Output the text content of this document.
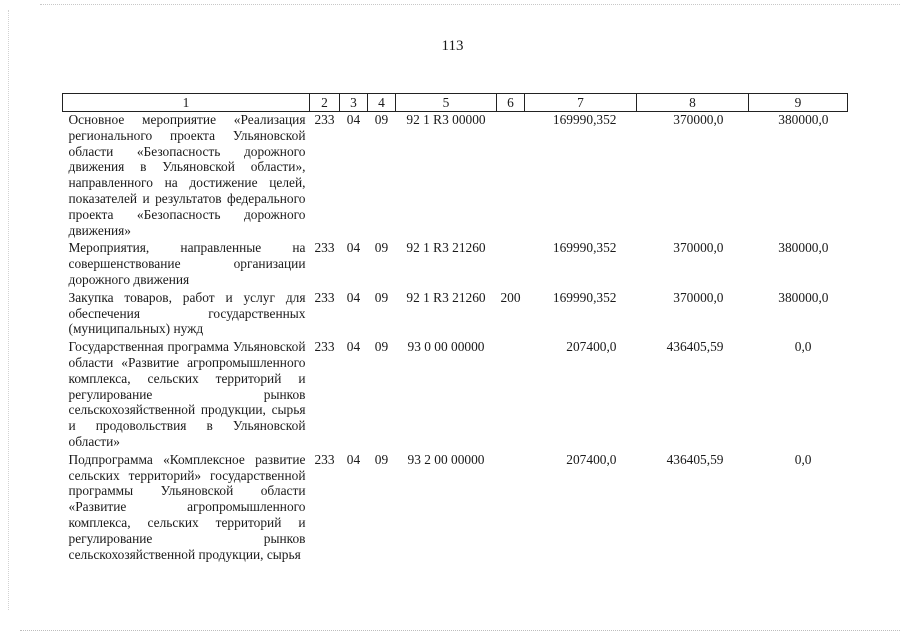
113
1	2	3	4	5	6	7	8	9
Основное мероприятие «Реализация регионального проекта Ульяновской области «Безопасность дорожного движения в Ульяновской области», направленного на достижение целей, показателей и результатов федерального проекта «Безопасность дорожного движения»	233	04	09	92 1 R3 00000		169990,352	370000,0	380000,0
Мероприятия, направленные на совершенствование организации дорожного движения	233	04	09	92 1 R3 21260		169990,352	370000,0	380000,0
Закупка товаров, работ и услуг для обеспечения государственных (муниципальных) нужд	233	04	09	92 1 R3 21260	200	169990,352	370000,0	380000,0
Государственная программа Ульяновской области «Развитие агропромышленного комплекса, сельских территорий и регулирование рынков сельскохозяйственной продукции, сырья и продовольствия в Ульяновской области»	233	04	09	93 0 00 00000		207400,0	436405,59	0,0
Подпрограмма «Комплексное развитие сельских территорий» государственной программы Ульяновской области «Развитие агропромышленного комплекса, сельских территорий и регулирование рынков сельскохозяйственной продукции, сырья	233	04	09	93 2 00 00000		207400,0	436405,59	0,0
